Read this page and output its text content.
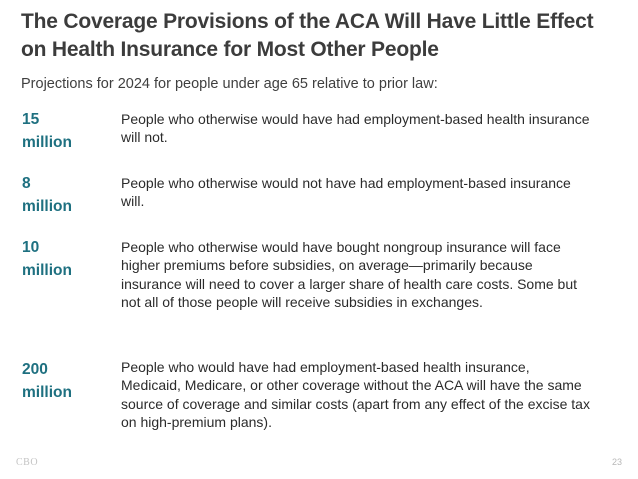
The Coverage Provisions of the ACA Will Have Little Effect on Health Insurance for Most Other People

Projections for 2024 for people under age 65 relative to prior law:

15
million

People who otherwise would have had employment-based health insurance will not.

8
million

People who otherwise would not have had employment-based insurance will.

10
million

People who otherwise would have bought nongroup insurance will face higher premiums before subsidies, on average—primarily because insurance will need to cover a larger share of health care costs. Some but not all of those people will receive subsidies in exchanges.

200
million

People who would have had employment-based health insurance, Medicaid, Medicare, or other coverage without the ACA will have the same source of coverage and similar costs (apart from any effect of the excise tax on high-premium plans).

CBO	23
